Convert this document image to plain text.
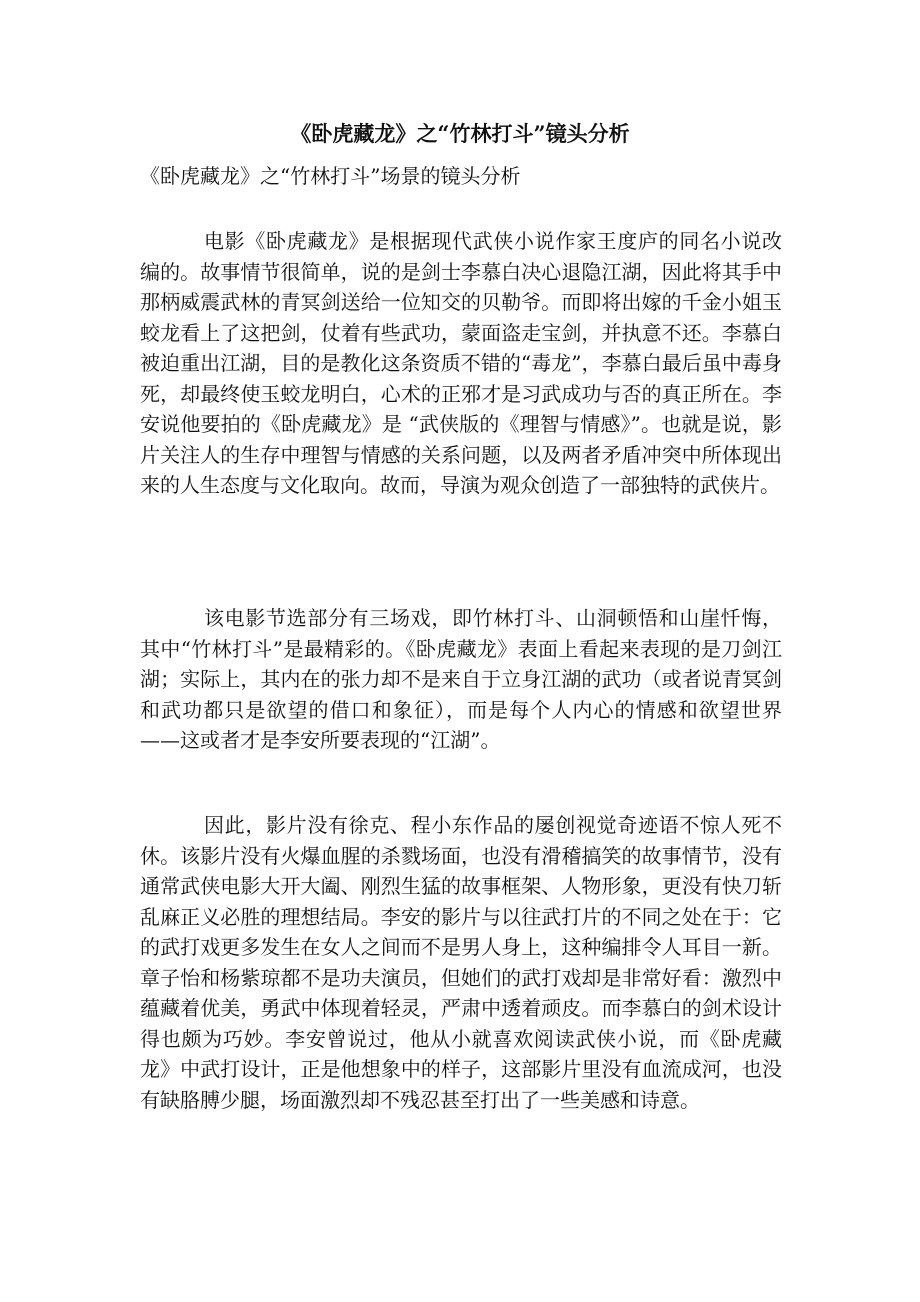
《卧虎藏龙》之“竹林打斗”镜头分析

《卧虎藏龙》之“竹林打斗”场景的镜头分析

电影《卧虎藏龙》是根据现代武侠小说作家王度庐的同名小说改编的。故事情节很简单，说的是剑士李慕白决心退隐江湖，因此将其手中那柄威震武林的青冥剑送给一位知交的贝勒爷。而即将出嫁的千金小姐玉蛟龙看上了这把剑，仗着有些武功，蒙面盗走宝剑，并执意不还。李慕白被迫重出江湖，目的是教化这条资质不错的“毒龙”，李慕白最后虽中毒身死，却最终使玉蛟龙明白，心术的正邪才是习武成功与否的真正所在。李安说他要拍的《卧虎藏龙》是 “武侠版的《理智与情感》”。也就是说，影片关注人的生存中理智与情感的关系问题，以及两者矛盾冲突中所体现出来的人生态度与文化取向。故而，导演为观众创造了一部独特的武侠片。

该电影节选部分有三场戏，即竹林打斗、山洞顿悟和山崖忏悔，其中“竹林打斗”是最精彩的。《卧虎藏龙》表面上看起来表现的是刀剑江湖；实际上，其内在的张力却不是来自于立身江湖的武功（或者说青冥剑和武功都只是欲望的借口和象征），而是每个人内心的情感和欲望世界——这或者才是李安所要表现的“江湖”。

因此，影片没有徐克、程小东作品的屡创视觉奇迹语不惊人死不休。该影片没有火爆血腥的杀戮场面，也没有滑稽搞笑的故事情节，没有通常武侠电影大开大阖、刚烈生猛的故事框架、人物形象，更没有快刀斩乱麻正义必胜的理想结局。李安的影片与以往武打片的不同之处在于：它的武打戏更多发生在女人之间而不是男人身上，这种编排令人耳目一新。章子怡和杨紫琼都不是功夫演员，但她们的武打戏却是非常好看：激烈中蕴藏着优美，勇武中体现着轻灵，严肃中透着顽皮。而李慕白的剑术设计得也颇为巧妙。李安曾说过，他从小就喜欢阅读武侠小说，而《卧虎藏龙》中武打设计，正是他想象中的样子，这部影片里没有血流成河，也没有缺胳膊少腿，场面激烈却不残忍甚至打出了一些美感和诗意。
